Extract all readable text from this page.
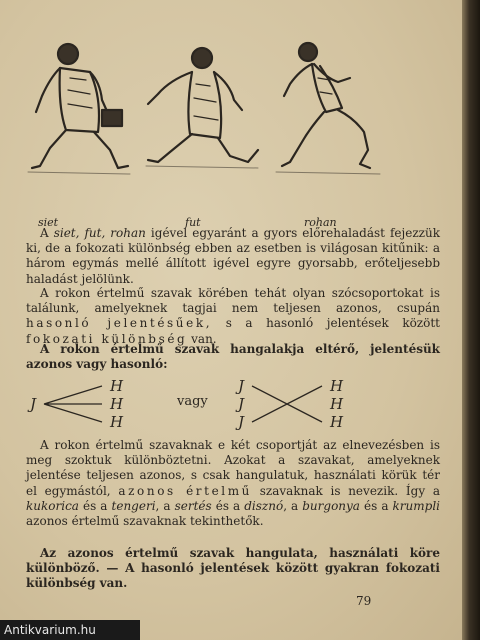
siet	fut	rohan

A siet, fut, rohan igével egyaránt a gyors előrehaladást fejezzük ki, de a fokozati különbség ebben az esetben is világosan kitűnik: a három egymás mellé állított igével egyre gyorsabb, erőteljesebb haladást jelölünk.

A rokon értelmű szavak körében tehát olyan szócsoportokat is találunk, amelyeknek tagjai nem teljesen azonos, csupán hasonló jelentésűek, s a hasonló jelentések között fokozati különbség van.

A rokon értelmű szavak hangalakja eltérő, jelentésük azonos vagy hasonló:

J
H
H
H
vagy
J
J
J
H
H
H

A rokon értelmű szavaknak e két csoportját az elnevezésben is meg szoktuk különböztetni. Azokat a szavakat, amelyeknek jelentése teljesen azonos, s csak hangulatuk, használati körük tér el egymástól, azonos értelmű szavaknak is nevezik. Így a kukorica és a tengeri, a sertés és a disznó, a burgonya és a krumpli azonos értelmű szavaknak tekinthetők.

Az azonos értelmű szavak hangulata, használati köre különböző. — A hasonló jelentések között gyakran fokozati különbség van.

79
Antikvarium.hu
